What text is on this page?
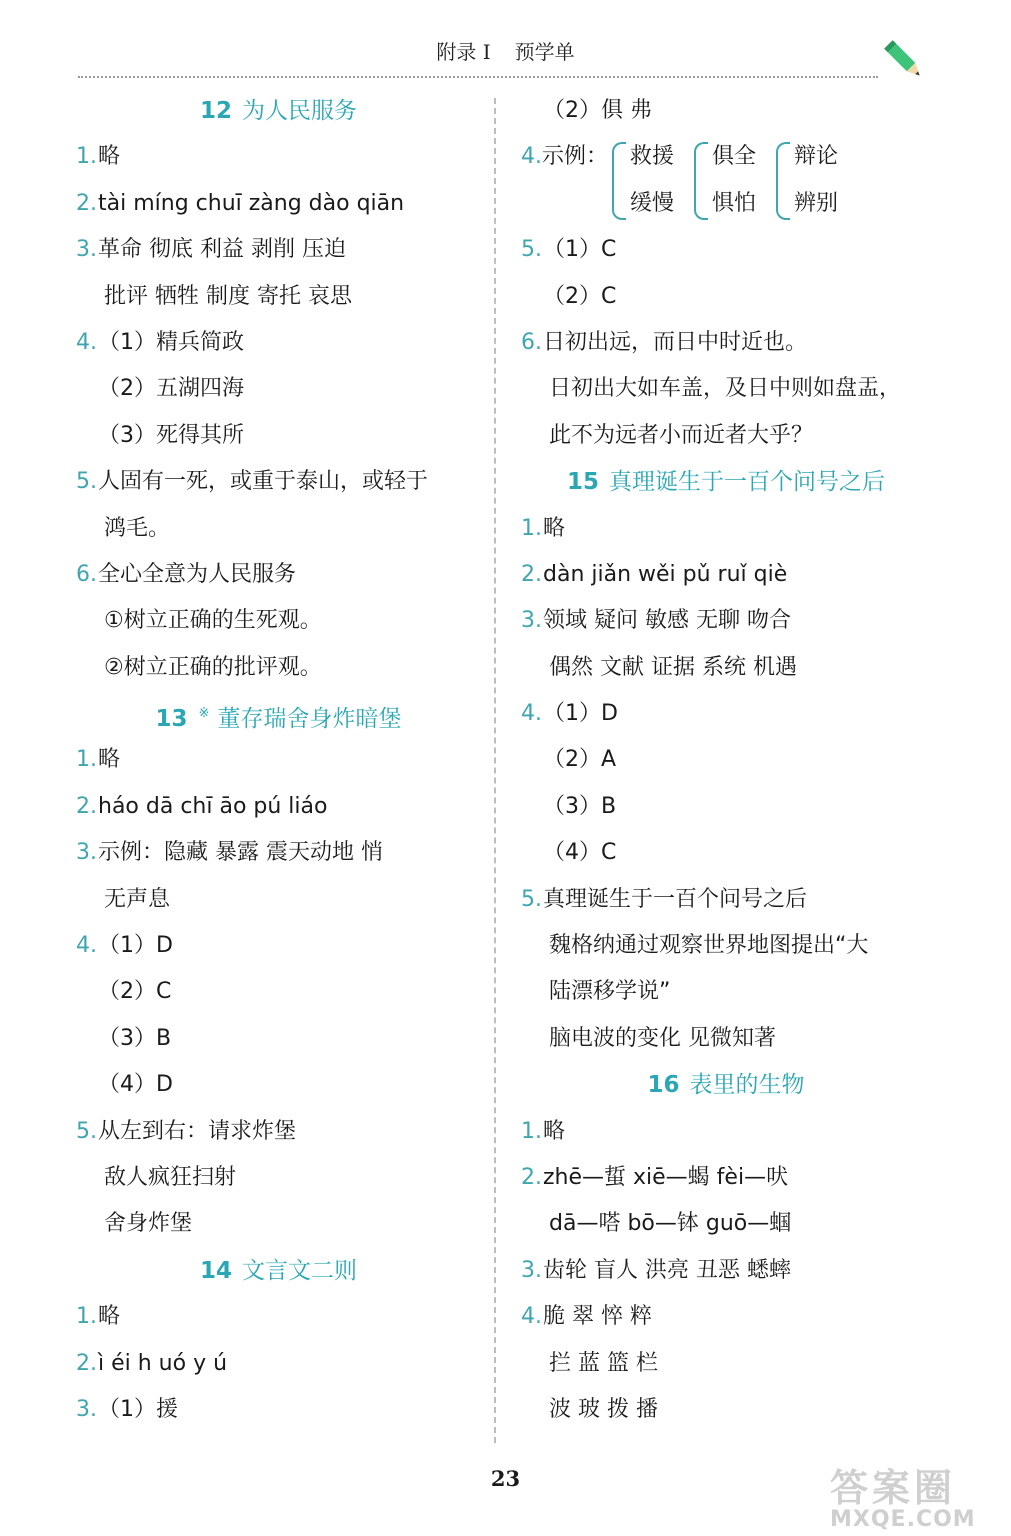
附录 I 预学单
12 为人民服务
1.略
2.tài míng chuī zàng dào qiān
3.革命 彻底 利益 剥削 压迫
批评 牺牲 制度 寄托 哀思
4.（1）精兵简政
（2）五湖四海
（3）死得其所
5.人固有一死，或重于泰山，或轻于
鸿毛。
6.全心全意为人民服务
①树立正确的生死观。
②树立正确的批评观。
13 ※ 董存瑞舍身炸暗堡
1.略
2.háo dā chī āo pú liáo
3.示例：隐藏 暴露 震天动地 悄
无声息
4.（1）D
（2）C
（3）B
（4）D
5.从左到右：请求炸堡
敌人疯狂扫射
舍身炸堡
14 文言文二则
1.略
2.ì éi h uó y ú
3.（1）援
（2）俱 弗
4. 示例： 救援
缓慢
俱全
惧怕
辩论
辨别
5.（1）C
（2）C
6.日初出远，而日中时近也。
日初出大如车盖，及日中则如盘盂，
此不为远者小而近者大乎？
15 真理诞生于一百个问号之后
1.略
2.dàn jiǎn wěi pǔ ruǐ qiè
3.领域 疑问 敏感 无聊 吻合
偶然 文献 证据 系统 机遇
4.（1）D
（2）A
（3）B
（4）C
5.真理诞生于一百个问号之后
魏格纳通过观察世界地图提出“大
陆漂移学说”
脑电波的变化 见微知著
16 表里的生物
1.略
2.zhē—蜇 xiē—蝎 fèi—吠
dā—嗒 bō—钵 guō—蝈
3.齿轮 盲人 洪亮 丑恶 蟋蟀
4.脆 翠 悴 粹
拦 蓝 篮 栏
波 玻 拨 播
23	答案圈
MXQE.COM
